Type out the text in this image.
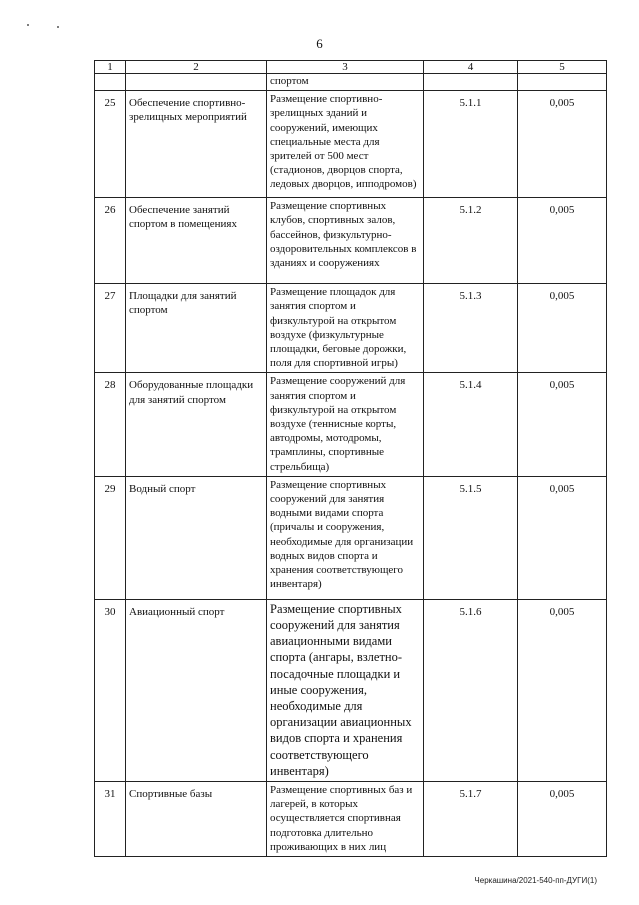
6
1	2	3	4	5
		спортом		
25	Обеспечение спортивно-зрелищных мероприятий	Размещение спортивно-зрелищных зданий и сооружений, имеющих специальные места для зрителей от 500 мест (стадионов, дворцов спорта, ледовых дворцов, ипподромов)	5.1.1	0,005
26	Обеспечение занятий спортом в помещениях	Размещение спортивных клубов, спортивных залов, бассейнов, физкультурно-оздоровительных комплексов в зданиях и сооружениях	5.1.2	0,005
27	Площадки для занятий спортом	Размещение площадок для занятия спортом и физкультурой на открытом воздухе (физкультурные площадки, беговые дорожки, поля для спортивной игры)	5.1.3	0,005
28	Оборудованные площадки для занятий спортом	Размещение сооружений для занятия спортом и физкультурой на открытом воздухе (теннисные корты, автодромы, мотодромы, трамплины, спортивные стрельбища)	5.1.4	0,005
29	Водный спорт	Размещение спортивных сооружений для занятия водными видами спорта (причалы и сооружения, необходимые для организации водных видов спорта и хранения соответствующего инвентаря)	5.1.5	0,005
30	Авиационный спорт	Размещение спортивных сооружений для занятия авиационными видами спорта (ангары, взлетно-посадочные площадки и иные сооружения, необходимые для организации авиационных видов спорта и хранения соответствующего инвентаря)	5.1.6	0,005
31	Спортивные базы	Размещение спортивных баз и лагерей, в которых осуществляется спортивная подготовка длительно проживающих в них лиц	5.1.7	0,005
Черкашина/2021-540-пп-ДУГИ(1)
